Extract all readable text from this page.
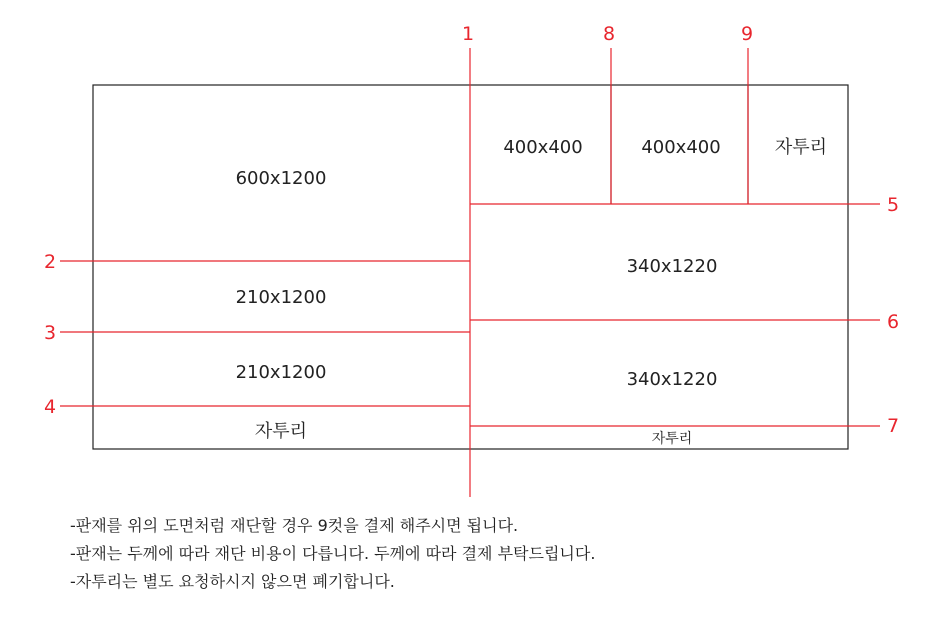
1
2
3
4
5
6
7
8	9
600x1200
210x1200
210x1200
자투리
400x400	400x400	자투리
340x1220
340x1220
자투리
-판재를 위의 도면처럼 재단할 경우 9컷을 결제 해주시면 됩니다.
-판재는 두께에 따라 재단 비용이 다릅니다. 두께에 따라 결제 부탁드립니다.
-자투리는 별도 요청하시지 않으면 폐기합니다.
